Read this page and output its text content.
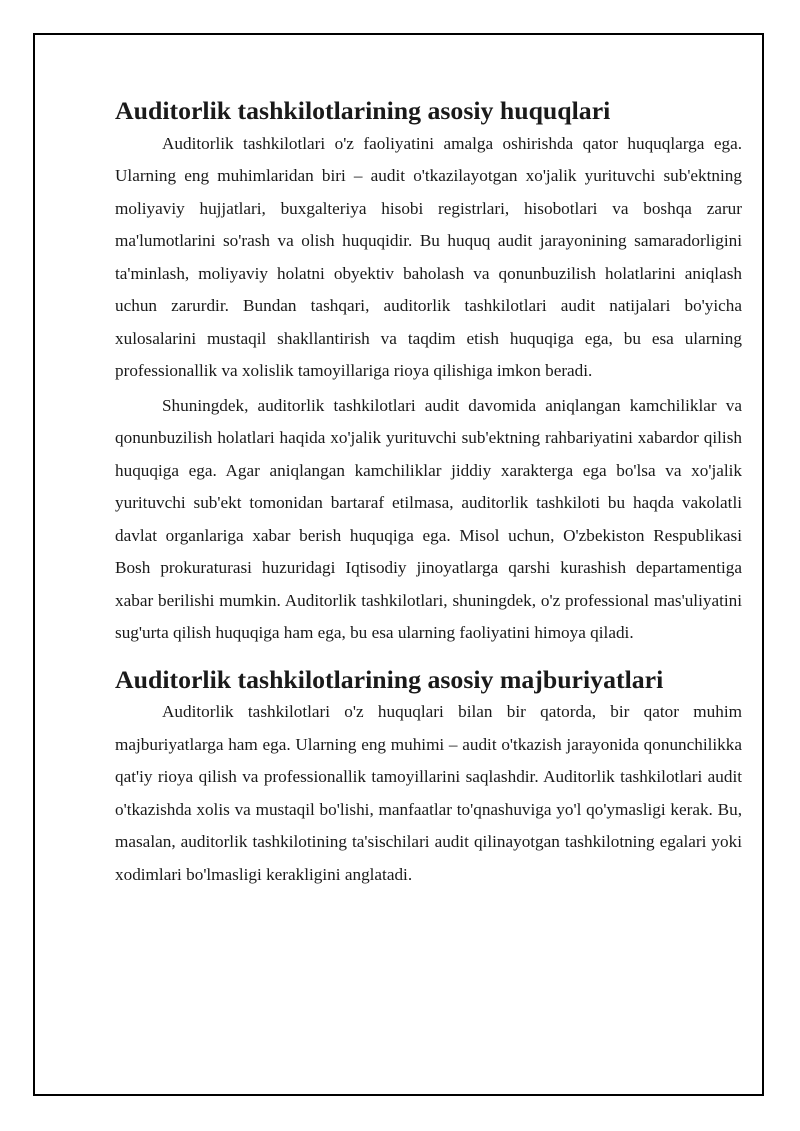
Auditorlik tashkilotlarining asosiy huquqlari

Auditorlik tashkilotlari o'z faoliyatini amalga oshirishda qator huquqlarga ega. Ularning eng muhimlaridan biri – audit o'tkazilayotgan xo'jalik yurituvchi sub'ektning moliyaviy hujjatlari, buxgalteriya hisobi registrlari, hisobotlari va boshqa zarur ma'lumotlarini so'rash va olish huquqidir. Bu huquq audit jarayonining samaradorligini ta'minlash, moliyaviy holatni obyektiv baholash va qonunbuzilish holatlarini aniqlash uchun zarurdir. Bundan tashqari, auditorlik tashkilotlari audit natijalari bo'yicha xulosalarini mustaqil shakllantirish va taqdim etish huquqiga ega, bu esa ularning professionallik va xolislik tamoyillariga rioya qilishiga imkon beradi.

Shuningdek, auditorlik tashkilotlari audit davomida aniqlangan kamchiliklar va qonunbuzilish holatlari haqida xo'jalik yurituvchi sub'ektning rahbariyatini xabardor qilish huquqiga ega. Agar aniqlangan kamchiliklar jiddiy xarakterga ega bo'lsa va xo'jalik yurituvchi sub'ekt tomonidan bartaraf etilmasa, auditorlik tashkiloti bu haqda vakolatli davlat organlariga xabar berish huquqiga ega. Misol uchun, O'zbekiston Respublikasi Bosh prokuraturasi huzuridagi Iqtisodiy jinoyatlarga qarshi kurashish departamentiga xabar berilishi mumkin. Auditorlik tashkilotlari, shuningdek, o'z professional mas'uliyatini sug'urta qilish huquqiga ham ega, bu esa ularning faoliyatini himoya qiladi.

Auditorlik tashkilotlarining asosiy majburiyatlari

Auditorlik tashkilotlari o'z huquqlari bilan bir qatorda, bir qator muhim majburiyatlarga ham ega. Ularning eng muhimi – audit o'tkazish jarayonida qonunchilikka qat'iy rioya qilish va professionallik tamoyillarini saqlashdir. Auditorlik tashkilotlari audit o'tkazishda xolis va mustaqil bo'lishi, manfaatlar to'qnashuviga yo'l qo'ymasligi kerak. Bu, masalan, auditorlik tashkilotining ta'sischilari audit qilinayotgan tashkilotning egalari yoki xodimlari bo'lmasligi kerakligini anglatadi.
